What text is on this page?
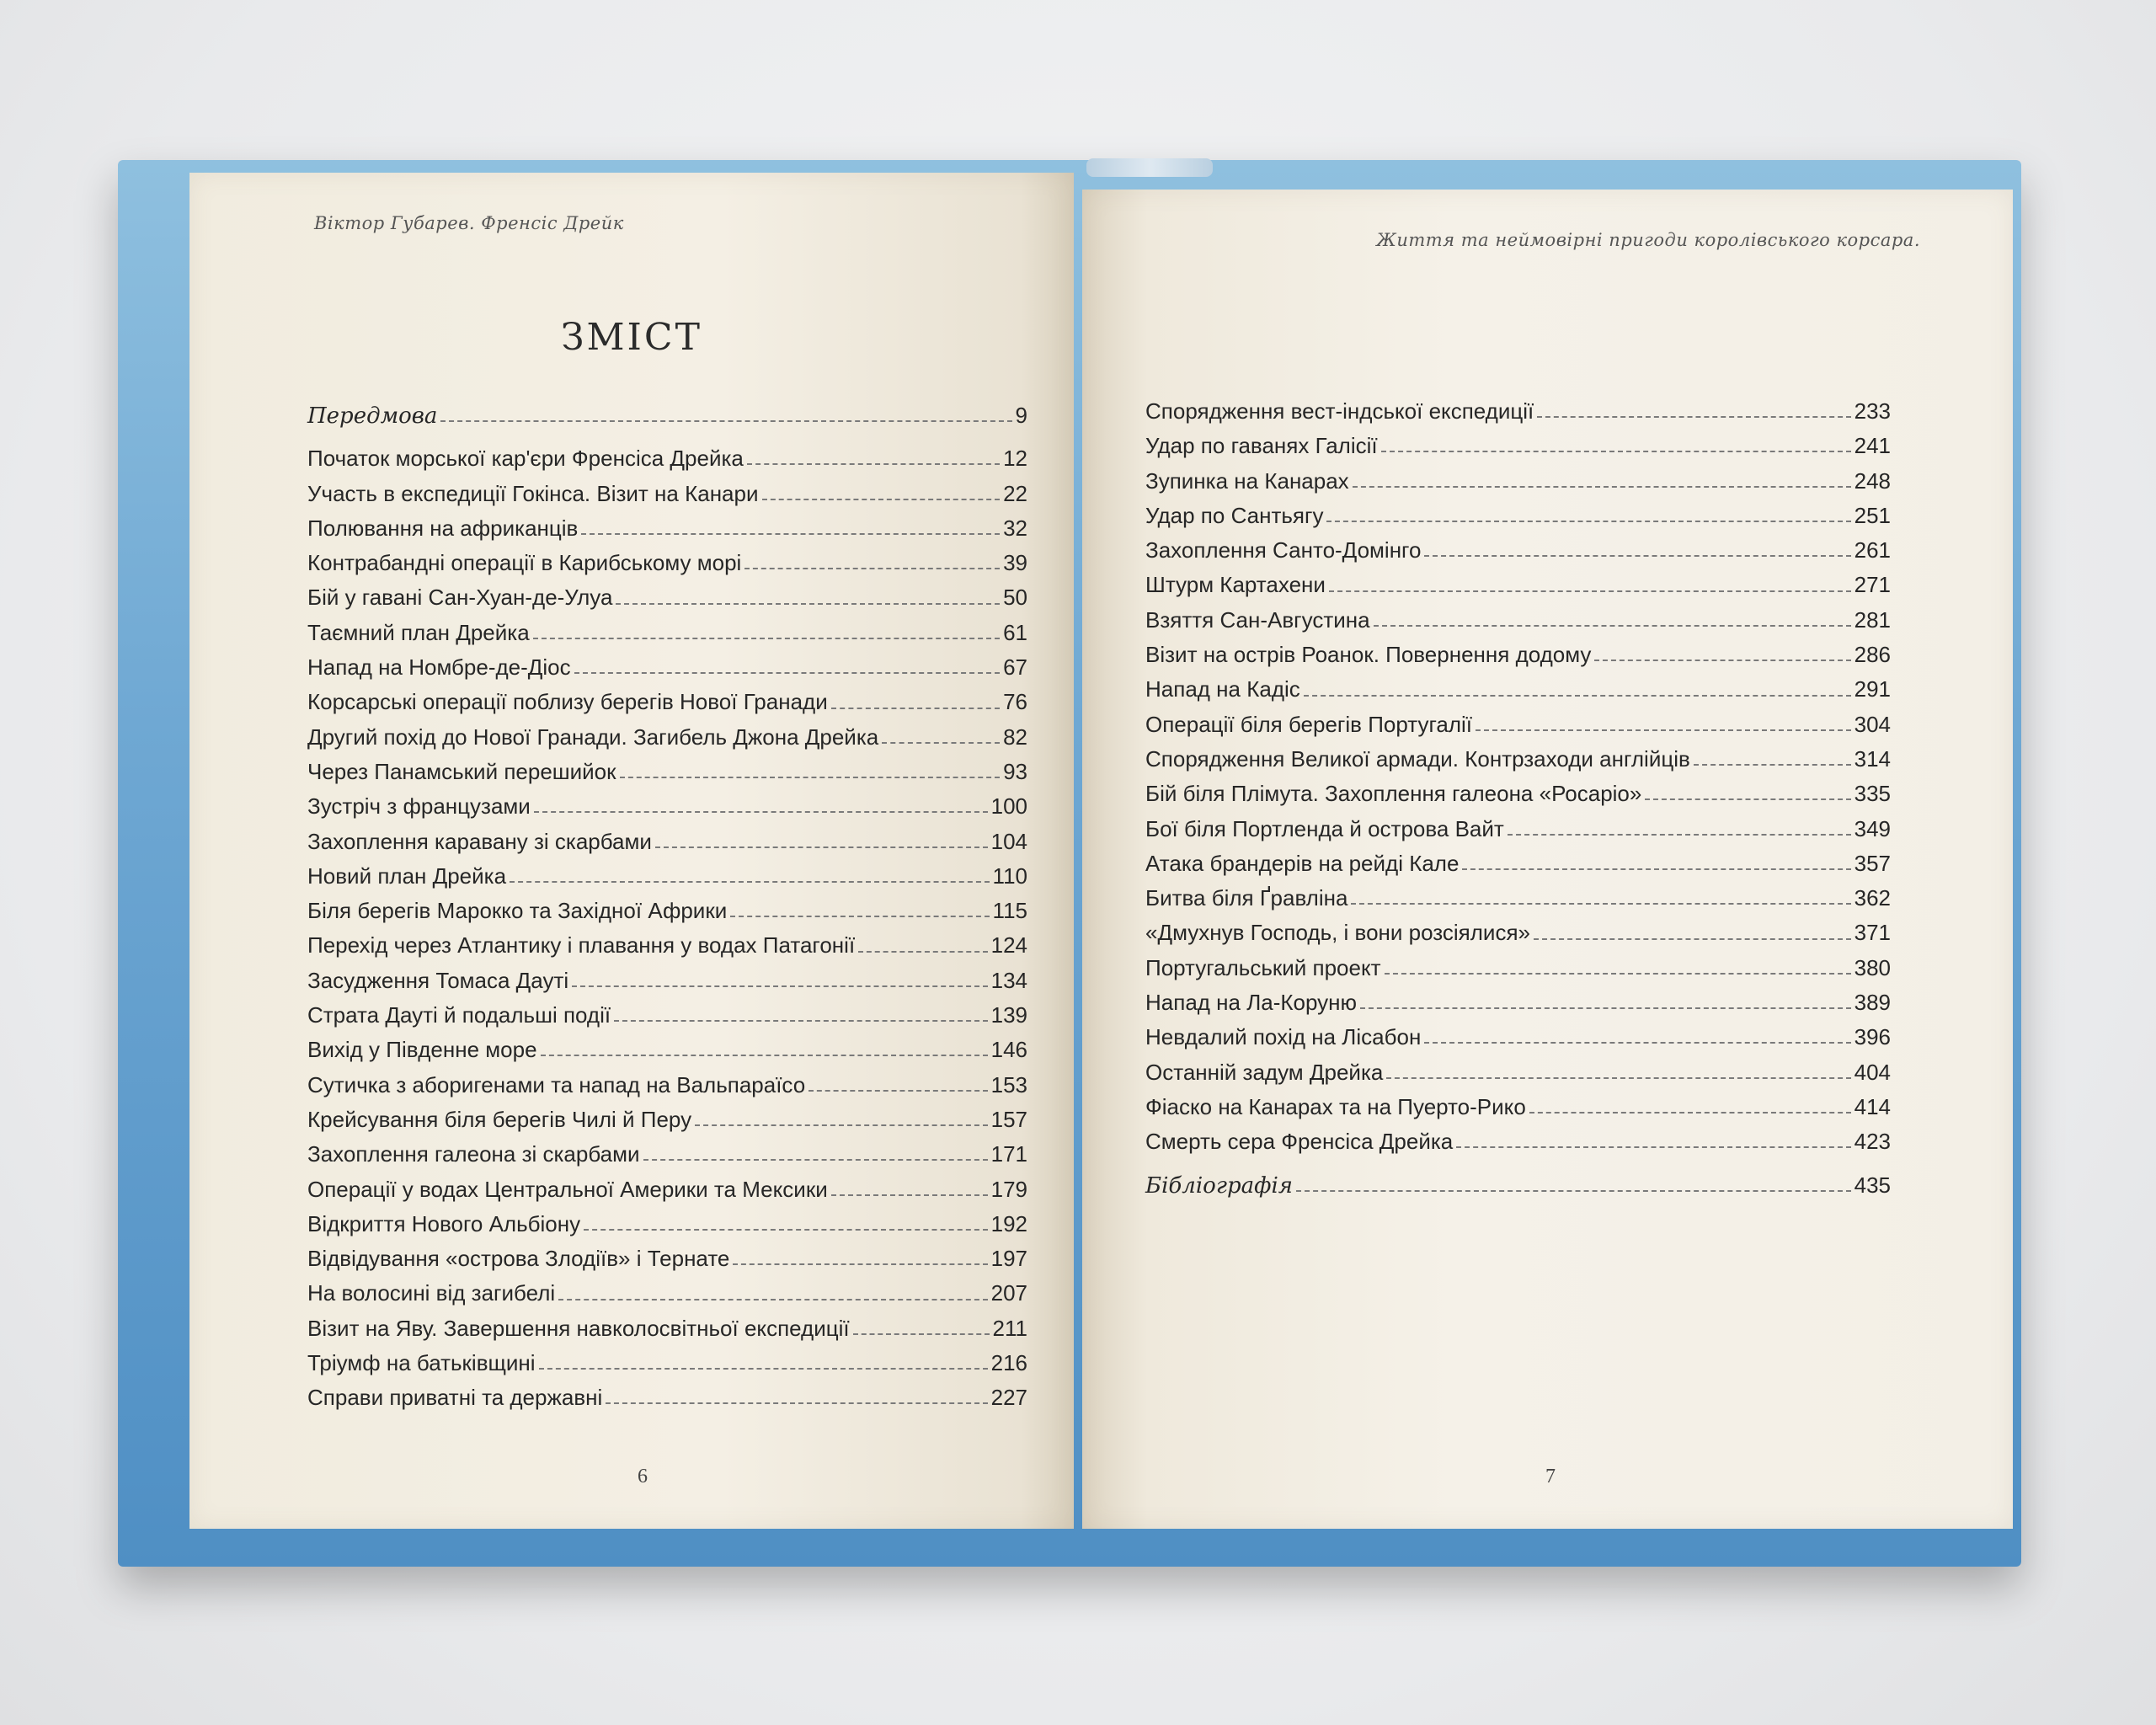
Віктор Губарев. Френсіс Дрейк
ЗМІСТ
Передмова	9
Початок морської кар'єри Френсіса Дрейка	12
Участь в експедиції Гокінса. Візит на Канари	22
Полювання на африканців	32
Контрабандні операції в Карибському морі	39
Бій у гавані Сан-Хуан-де-Улуа	50
Таємний план Дрейка	61
Напад на Номбре-де-Діос	67
Корсарські операції поблизу берегів Нової Гранади	76
Другий похід до Нової Гранади. Загибель Джона Дрейка	82
Через Панамський перешийок	93
Зустріч з французами	100
Захоплення каравану зі скарбами	104
Новий план Дрейка	110
Біля берегів Марокко та Західної Африки	115
Перехід через Атлантику і плавання у водах Патагонії	124
Засудження Томаса Дауті	134
Страта Дауті й подальші події	139
Вихід у Південне море	146
Сутичка з аборигенами та напад на Вальпараїсо	153
Крейсування біля берегів Чилі й Перу	157
Захоплення галеона зі скарбами	171
Операції у водах Центральної Америки та Мексики	179
Відкриття Нового Альбіону	192
Відвідування «острова Злодіїв» і Тернате	197
На волосині від загибелі	207
Візит на Яву. Завершення навколосвітньої експедиції	211
Тріумф на батьківщині	216
Справи приватні та державні	227
6
Життя та неймовірні пригоди королівського корсара.
Спорядження вест-індської експедиції	233
Удар по гаванях Галісії	241
Зупинка на Канарах	248
Удар по Сантьягу	251
Захоплення Санто-Домінго	261
Штурм Картахени	271
Взяття Сан-Августина	281
Візит на острів Роанок. Повернення додому	286
Напад на Кадіс	291
Операції біля берегів Португалії	304
Спорядження Великої армади. Контрзаходи англійців	314
Бій біля Плімута. Захоплення галеона «Росаріо»	335
Бої біля Портленда й острова Вайт	349
Атака брандерів на рейді Кале	357
Битва біля Ґравліна	362
«Дмухнув Господь, і вони розсіялися»	371
Португальський проект	380
Напад на Ла-Коруню	389
Невдалий похід на Лісабон	396
Останній задум Дрейка	404
Фіаско на Канарах та на Пуерто-Рико	414
Смерть сера Френсіса Дрейка	423
Бібліографія	435
7
